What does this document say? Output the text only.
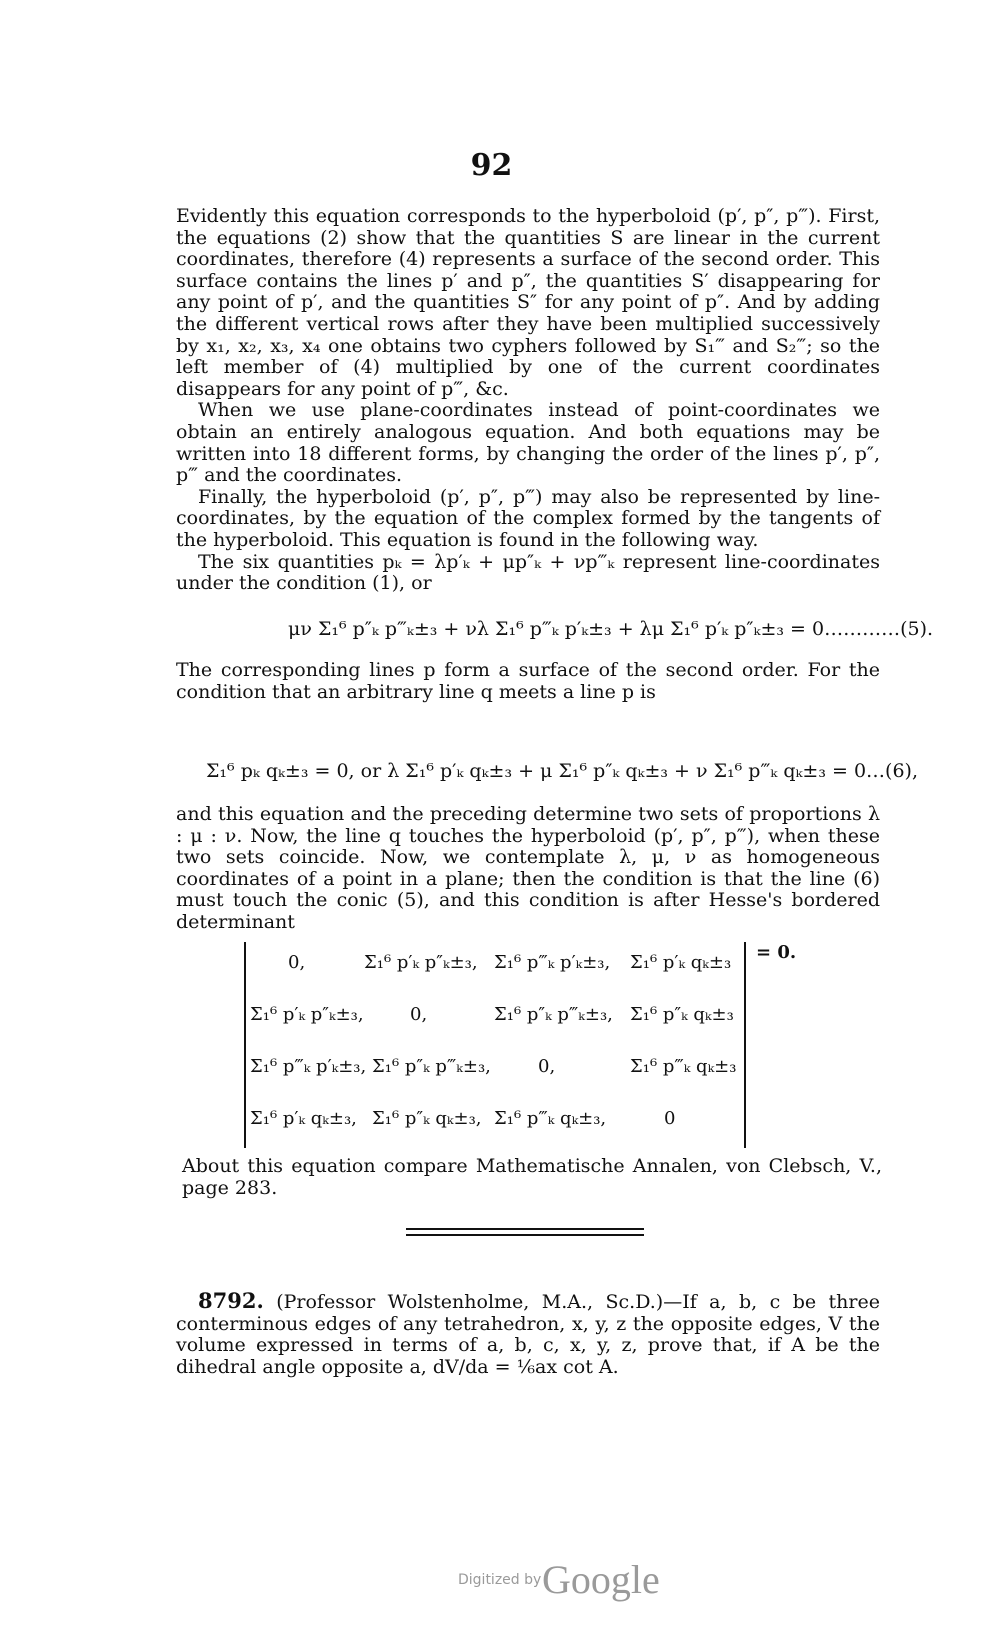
92

Evidently this equation corresponds to the hyperboloid (p′, p″, p‴). First, the equations (2) show that the quantities S are linear in the current coordinates, therefore (4) represents a surface of the second order. This surface contains the lines p′ and p″, the quantities S′ disappearing for any point of p′, and the quantities S″ for any point of p″. And by adding the different vertical rows after they have been multiplied successively by x₁, x₂, x₃, x₄ one obtains two cyphers followed by S₁‴ and S₂‴; so the left member of (4) multiplied by one of the current coordinates disappears for any point of p‴, &c.

When we use plane-coordinates instead of point-coordinates we obtain an entirely analogous equation. And both equations may be written into 18 different forms, by changing the order of the lines p′, p″, p‴ and the coordinates.

Finally, the hyperboloid (p′, p″, p‴) may also be represented by line-coordinates, by the equation of the complex formed by the tangents of the hyperboloid. This equation is found in the following way.

The six quantities pₖ = λp′ₖ + μp″ₖ + νp‴ₖ represent line-coordinates under the condition (1), or

μν Σ₁⁶ p″ₖ p‴ₖ±₃ + νλ Σ₁⁶ p‴ₖ p′ₖ±₃ + λμ Σ₁⁶ p′ₖ p″ₖ±₃ = 0…………(5).
The corresponding lines p form a surface of the second order. For the condition that an arbitrary line q meets a line p is
Σ₁⁶ pₖ qₖ±₃ = 0, or λ Σ₁⁶ p′ₖ qₖ±₃ + μ Σ₁⁶ p″ₖ qₖ±₃ + ν Σ₁⁶ p‴ₖ qₖ±₃ = 0…(6),
and this equation and the preceding determine two sets of proportions λ : μ : ν. Now, the line q touches the hyperboloid (p′, p″, p‴), when these two sets coincide. Now, we contemplate λ, μ, ν as homogeneous coordinates of a point in a plane; then the condition is that the line (6) must touch the conic (5), and this condition is after Hesse's bordered determinant
0,	Σ₁⁶ p′ₖ p″ₖ±₃, Σ₁⁶ p‴ₖ p′ₖ±₃, Σ₁⁶ p′ₖ qₖ±₃
Σ₁⁶ p′ₖ p″ₖ±₃,	0,	Σ₁⁶ p″ₖ p‴ₖ±₃, Σ₁⁶ p″ₖ qₖ±₃
Σ₁⁶ p‴ₖ p′ₖ±₃, Σ₁⁶ p″ₖ p‴ₖ±₃,	0,	Σ₁⁶ p‴ₖ qₖ±₃
Σ₁⁶ p′ₖ qₖ±₃, Σ₁⁶ p″ₖ qₖ±₃, Σ₁⁶ p‴ₖ qₖ±₃,	0
= 0.
About this equation compare Mathematische Annalen, von Clebsch, V., page 283.
8792. (Professor Wolstenholme, M.A., Sc.D.)—If a, b, c be three conterminous edges of any tetrahedron, x, y, z the opposite edges, V the volume expressed in terms of a, b, c, x, y, z, prove that, if A be the dihedral angle opposite a, dV/da = ⅙ax cot A.
Digitized by Google
